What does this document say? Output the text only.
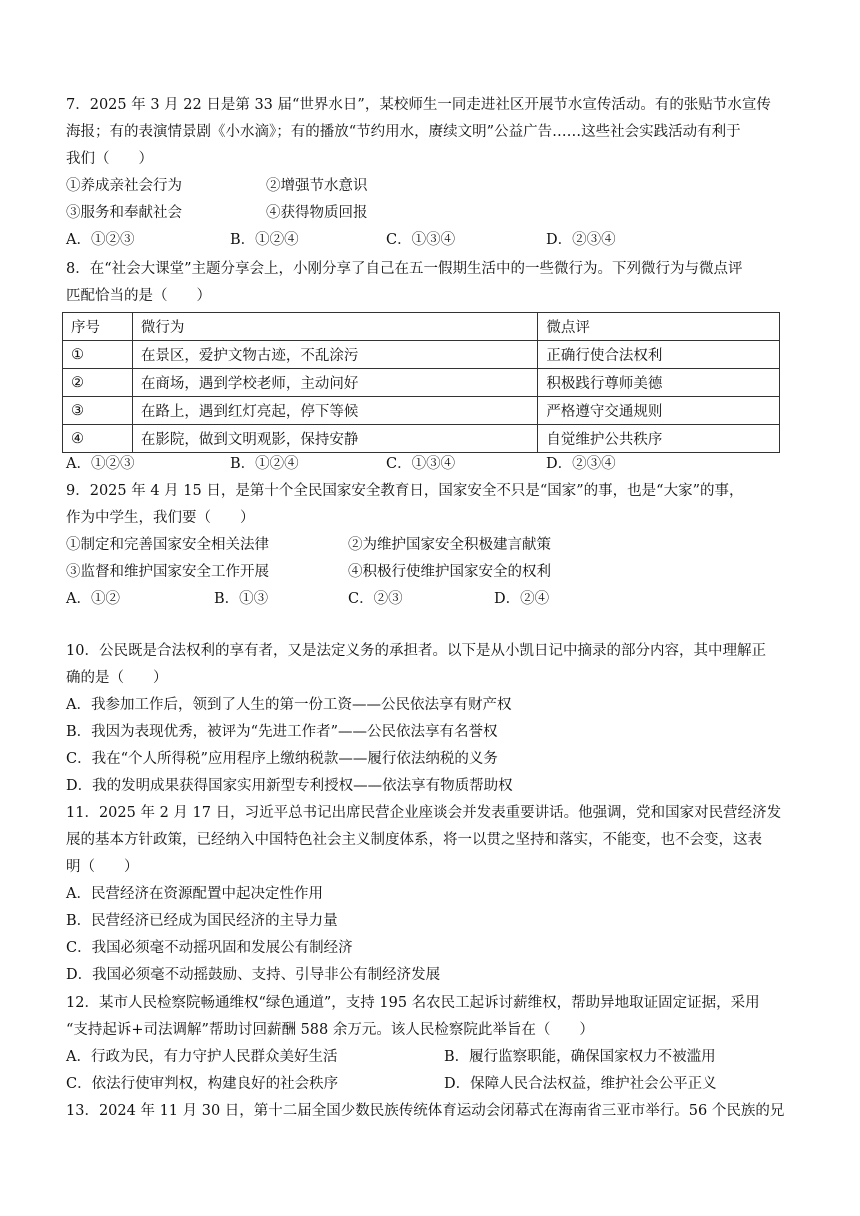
7．2025 年 3 月 22 日是第 33 届“世界水日”，某校师生一同走进社区开展节水宣传活动。有的张贴节水宣传
海报；有的表演情景剧《小水滴》；有的播放“节约用水，赓续文明”公益广告……这些社会实践活动有利于
我们（　　）
①养成亲社会行为	②增强节水意识
③服务和奉献社会	④获得物质回报
A．①②③	B．①②④	C．①③④	D．②③④
8．在“社会大课堂”主题分享会上，小刚分享了自己在五一假期生活中的一些微行为。下列微行为与微点评
匹配恰当的是（　　）
序号	微行为	微点评
①	在景区，爱护文物古迹，不乱涂污	正确行使合法权利
②	在商场，遇到学校老师，主动问好	积极践行尊师美德
③	在路上，遇到红灯亮起，停下等候	严格遵守交通规则
④	在影院，做到文明观影，保持安静	自觉维护公共秩序
A．①②③	B．①②④	C．①③④	D．②③④
9．2025 年 4 月 15 日，是第十个全民国家安全教育日，国家安全不只是“国家”的事，也是“大家”的事，
作为中学生，我们要（　　）
①制定和完善国家安全相关法律	②为维护国家安全积极建言献策
③监督和维护国家安全工作开展	④积极行使维护国家安全的权利
A．①②	B．①③	C．②③	D．②④
10．公民既是合法权利的享有者，又是法定义务的承担者。以下是从小凯日记中摘录的部分内容，其中理解正
确的是（　　）
A．我参加工作后，领到了人生的第一份工资——公民依法享有财产权
B．我因为表现优秀，被评为“先进工作者”——公民依法享有名誉权
C．我在“个人所得税”应用程序上缴纳税款——履行依法纳税的义务
D．我的发明成果获得国家实用新型专利授权——依法享有物质帮助权
11．2025 年 2 月 17 日，习近平总书记出席民营企业座谈会并发表重要讲话。他强调，党和国家对民营经济发
展的基本方针政策，已经纳入中国特色社会主义制度体系，将一以贯之坚持和落实，不能变，也不会变，这表
明（　　）
A．民营经济在资源配置中起决定性作用
B．民营经济已经成为国民经济的主导力量
C．我国必须毫不动摇巩固和发展公有制经济
D．我国必须毫不动摇鼓励、支持、引导非公有制经济发展
12．某市人民检察院畅通维权“绿色通道”，支持 195 名农民工起诉讨薪维权，帮助异地取证固定证据，采用
“支持起诉+司法调解”帮助讨回薪酬 588 余万元。该人民检察院此举旨在（　　）
A．行政为民，有力守护人民群众美好生活	B．履行监察职能，确保国家权力不被滥用
C．依法行使审判权，构建良好的社会秩序	D．保障人民合法权益，维护社会公平正义
13．2024 年 11 月 30 日，第十二届全国少数民族传统体育运动会闭幕式在海南省三亚市举行。56 个民族的兄
